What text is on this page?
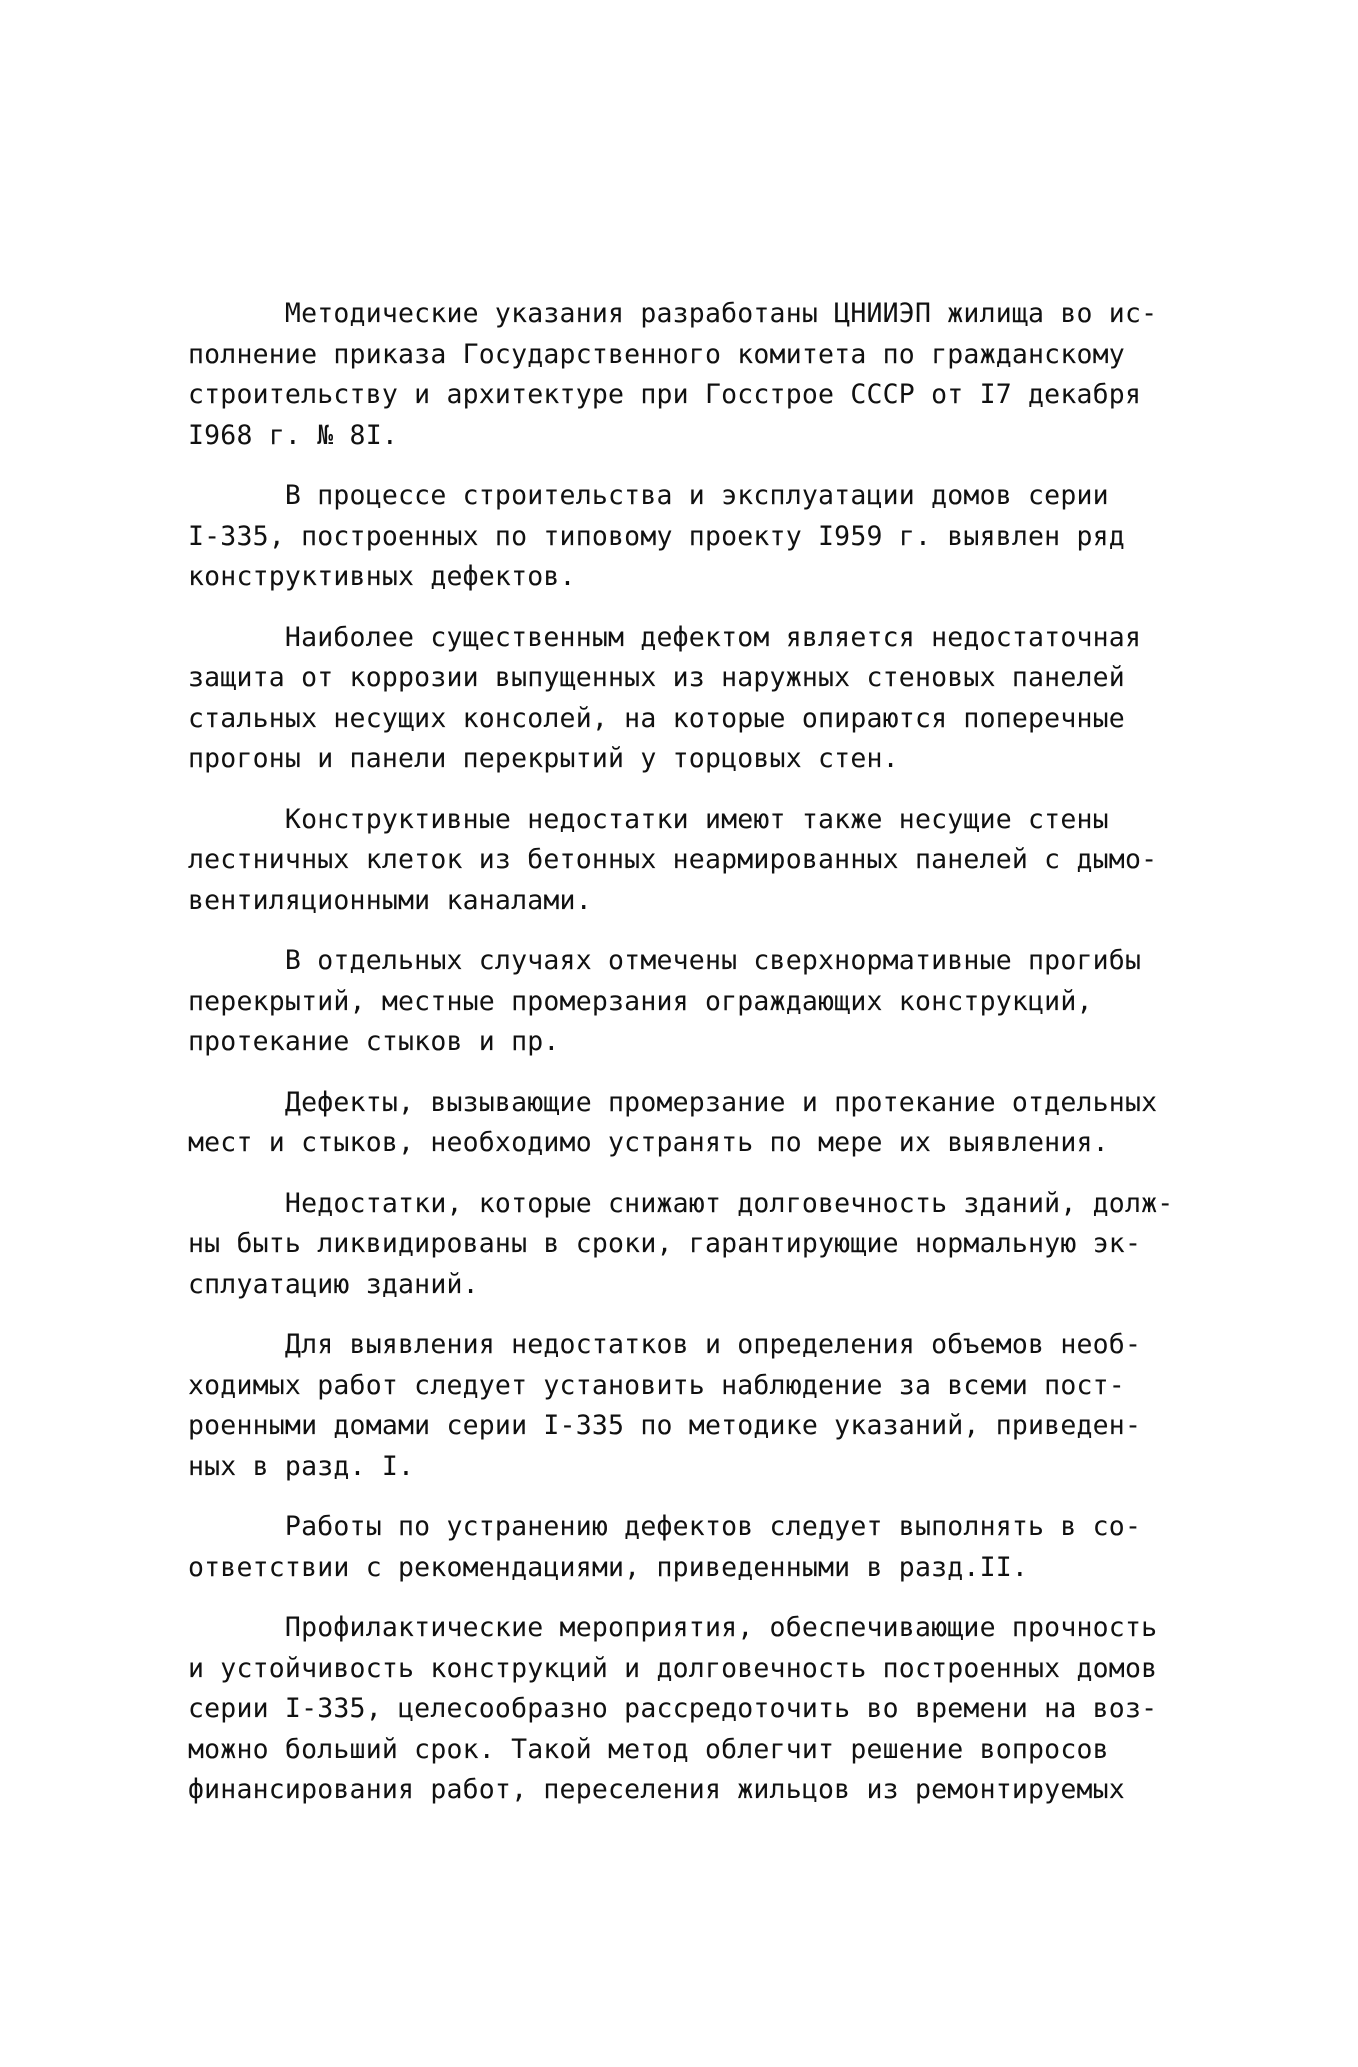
Методические указания разработаны ЦНИИЭП жилища во ис-
полнение приказа Государственного комитета по гражданскому
строительству и архитектуре при Госстрое СССР от I7 декабря
I968 г. № 8I.
В процессе строительства и эксплуатации домов серии
I-335, построенных по типовому проекту I959 г. выявлен ряд
конструктивных дефектов.
Наиболее существенным дефектом является недостаточная
защита от коррозии выпущенных из наружных стеновых панелей
стальных несущих консолей, на которые опираются поперечные
прогоны и панели перекрытий у торцовых стен.
Конструктивные недостатки имеют также несущие стены
лестничных клеток из бетонных неармированных панелей с дымо-
вентиляционными каналами.
В отдельных случаях отмечены сверхнормативные прогибы
перекрытий, местные промерзания ограждающих конструкций,
протекание стыков и пр.
Дефекты, вызывающие промерзание и протекание отдельных
мест и стыков, необходимо устранять по мере их выявления.
Недостатки, которые снижают долговечность зданий, долж-
ны быть ликвидированы в сроки, гарантирующие нормальную эк-
сплуатацию зданий.
Для выявления недостатков и определения объемов необ-
ходимых работ следует установить наблюдение за всеми пост-
роенными домами серии I-335 по методике указаний, приведен-
ных в разд. I.
Работы по устранению дефектов следует выполнять в со-
ответствии с рекомендациями, приведенными в разд.II.
Профилактические мероприятия, обеспечивающие прочность
и устойчивость конструкций и долговечность построенных домов
серии I-335, целесообразно рассредоточить во времени на воз-
можно больший срок. Такой метод облегчит решение вопросов
финансирования работ, переселения жильцов из ремонтируемых
